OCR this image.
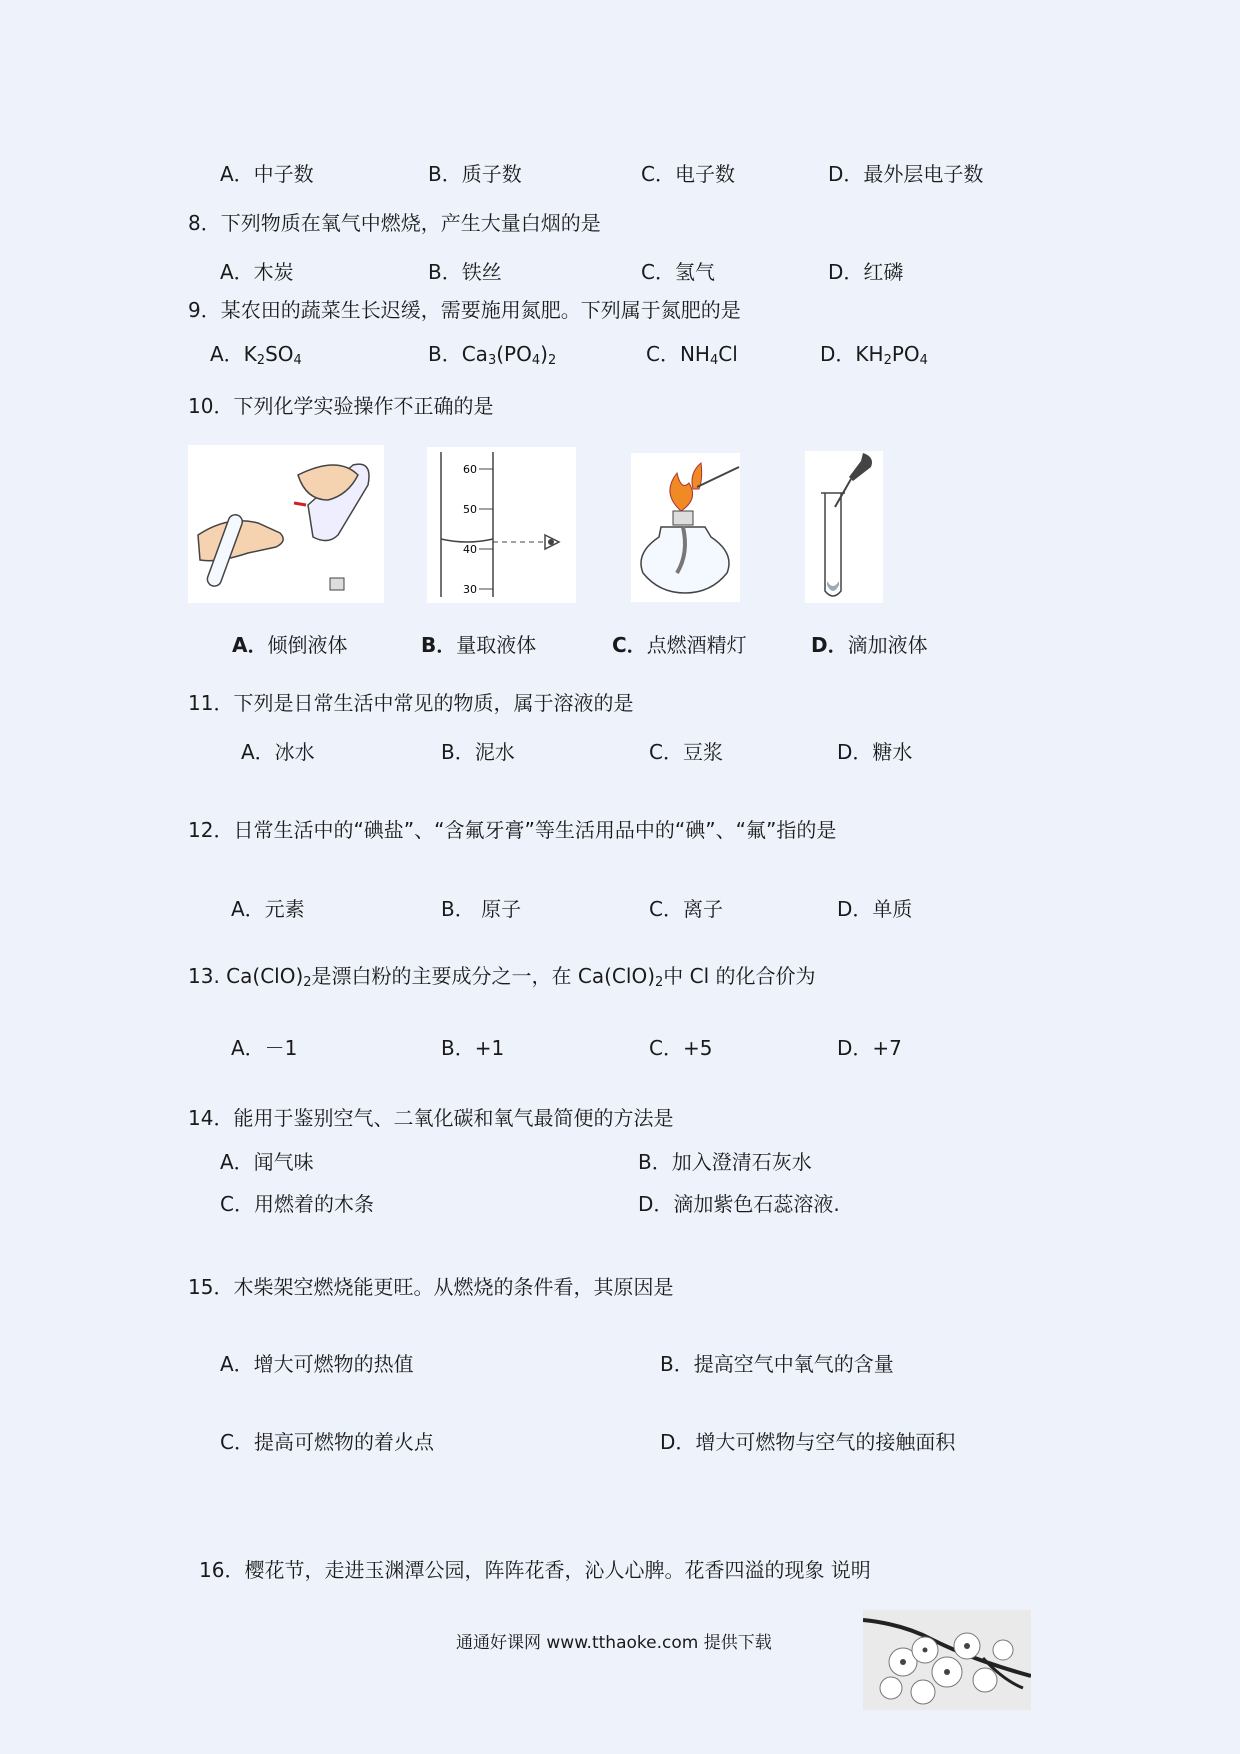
A．中子数	B．质子数	C．电子数	D．最外层电子数
8．下列物质在氧气中燃烧，产生大量白烟的是
A．木炭	B．铁丝	C．氢气	D．红磷
9．某农田的蔬菜生长迟缓，需要施用氮肥。下列属于氮肥的是
A．$K_2SO_4$	B．$Ca_3(PO_4)_2$	C．$NH_4Cl$	D．$KH_2PO_4$
10．下列化学实验操作不正确的是
60
50
40
30
A．倾倒液体	B．量取液体	C．点燃酒精灯	D．滴加液体
11．下列是日常生活中常见的物质，属于溶液的是
A．冰水	B．泥水	C．豆浆	D．糖水
12．日常生活中的“碘盐”、“含氟牙膏”等生活用品中的“碘”、“氟”指的是
A．元素	B． 原子	C．离子	D．单质
13. $Ca(ClO)_2$是漂白粉的主要成分之一，在 $Ca(ClO)_2$中 Cl 的化合价为
A．－1	B．+1	C．+5	D．+7
14．能用于鉴别空气、二氧化碳和氧气最简便的方法是
A．闻气味	B．加入澄清石灰水
C．用燃着的木条	D．滴加紫色石蕊溶液.
15．木柴架空燃烧能更旺。从燃烧的条件看，其原因是
A．增大可燃物的热值	B．提高空气中氧气的含量
C．提高可燃物的着火点	D．增大可燃物与空气的接触面积
16．樱花节，走进玉渊潭公园，阵阵花香，沁人心脾。花香四溢的现象 说明
通通好课网 www.tthaoke.com 提供下载
